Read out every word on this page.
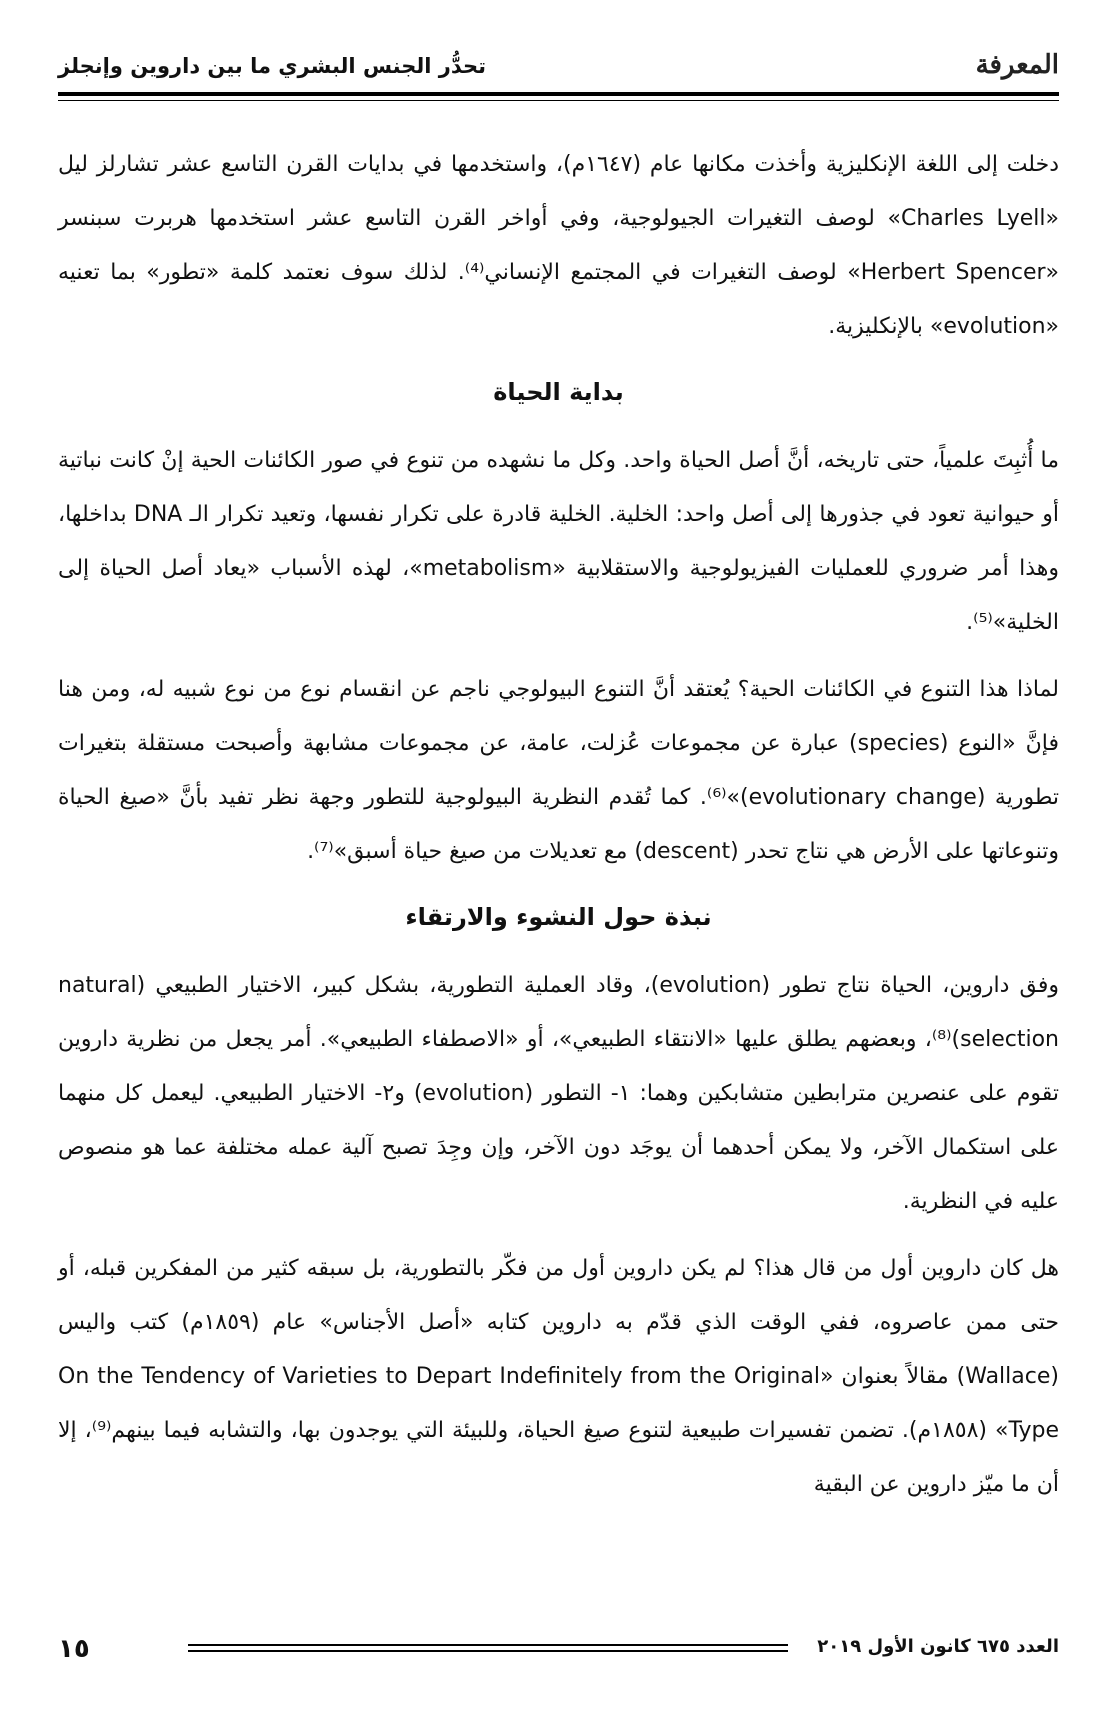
المعرفة
تحدُّر الجنس البشري ما بين داروين وإنجلز

دخلت إلى اللغة الإنكليزية وأخذت مكانها عام (١٦٤٧م)، واستخدمها في بدايات القرن التاسع عشر تشارلز ليل «Charles Lyell» لوصف التغيرات الجيولوجية، وفي أواخر القرن التاسع عشر استخدمها هربرت سبنسر «Herbert Spencer» لوصف التغيرات في المجتمع الإنساني⁽⁴⁾. لذلك سوف نعتمد كلمة «تطور» بما تعنيه «evolution» بالإنكليزية.

بداية الحياة

ما أُثبِتَ علمياً، حتى تاريخه، أنَّ أصل الحياة واحد. وكل ما نشهده من تنوع في صور الكائنات الحية إنْ كانت نباتية أو حيوانية تعود في جذورها إلى أصل واحد: الخلية. الخلية قادرة على تكرار نفسها، وتعيد تكرار الـ DNA بداخلها، وهذا أمر ضروري للعمليات الفيزيولوجية والاستقلابية «metabolism»، لهذه الأسباب «يعاد أصل الحياة إلى الخلية»⁽⁵⁾.

لماذا هذا التنوع في الكائنات الحية؟ يُعتقد أنَّ التنوع البيولوجي ناجم عن انقسام نوع من نوع شبيه له، ومن هنا فإنَّ «النوع (species) عبارة عن مجموعات عُزلت، عامة، عن مجموعات مشابهة وأصبحت مستقلة بتغيرات تطورية (evolutionary change)»⁽⁶⁾. كما تُقدم النظرية البيولوجية للتطور وجهة نظر تفيد بأنَّ «صيغ الحياة وتنوعاتها على الأرض هي نتاج تحدر (descent) مع تعديلات من صيغ حياة أسبق»⁽⁷⁾.

نبذة حول النشوء والارتقاء

وفق داروين، الحياة نتاج تطور (evolution)، وقاد العملية التطورية، بشكل كبير، الاختيار الطبيعي (natural selection)⁽⁸⁾، وبعضهم يطلق عليها «الانتقاء الطبيعي»، أو «الاصطفاء الطبيعي». أمر يجعل من نظرية داروين تقوم على عنصرين مترابطين متشابكين وهما: ١- التطور (evolution) و٢- الاختيار الطبيعي. ليعمل كل منهما على استكمال الآخر، ولا يمكن أحدهما أن يوجَد دون الآخر، وإن وجِدَ تصبح آلية عمله مختلفة عما هو منصوص عليه في النظرية.

هل كان داروين أول من قال هذا؟ لم يكن داروين أول من فكّر بالتطورية، بل سبقه كثير من المفكرين قبله، أو حتى ممن عاصروه، ففي الوقت الذي قدّم به داروين كتابه «أصل الأجناس» عام (١٨٥٩م) كتب واليس (Wallace) مقالاً بعنوان «On the Tendency of Varieties to Depart Indefinitely from the Original Type» (١٨٥٨م). تضمن تفسيرات طبيعية لتنوع صيغ الحياة، وللبيئة التي يوجدون بها، والتشابه فيما بينهم⁽⁹⁾، إلا أن ما ميّز داروين عن البقية

١٥	العدد ٦٧٥ كانون الأول ٢٠١٩
